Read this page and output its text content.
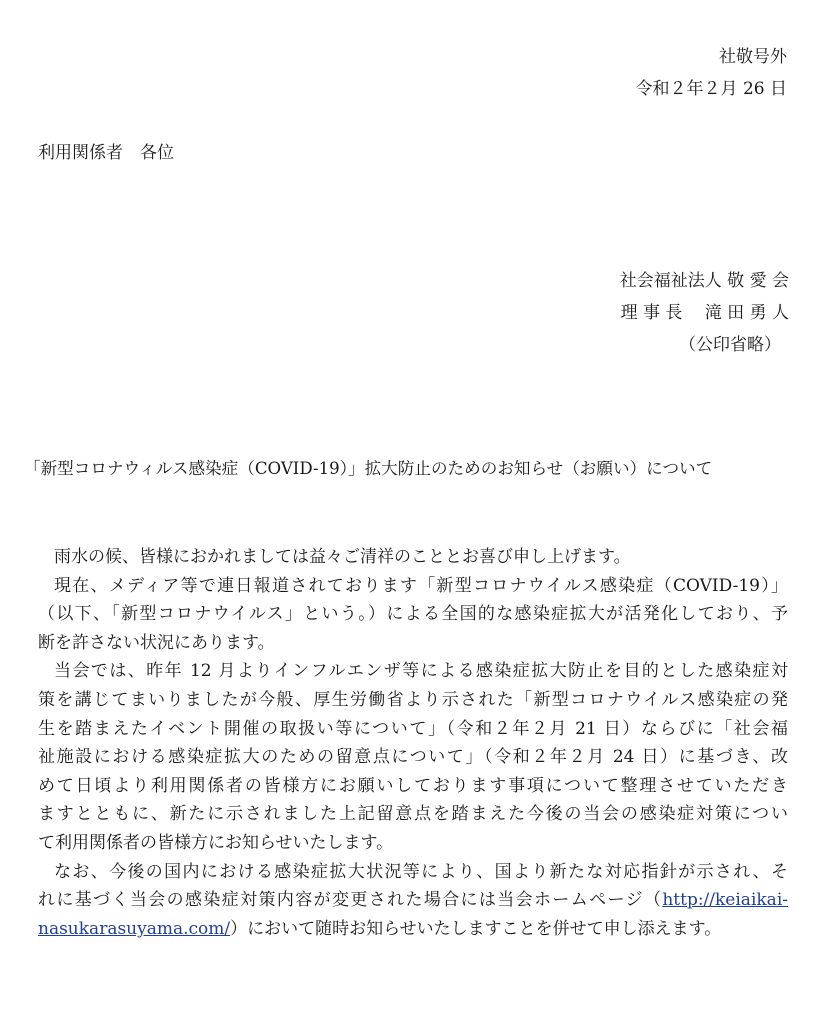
社敬号外
令和２年２月 26 日
利用関係者　各位
社会福祉法人 敬 愛 会
理 事 長　 滝 田 勇 人
（公印省略）
「新型コロナウィルス感染症（COVID-19）」拡大防止のためのお知らせ（お願い）について
雨水の候、皆様におかれましては益々ご清祥のこととお喜び申し上げます。
現在、メディア等で連日報道されております「新型コロナウイルス感染症（COVID-19）」
（以下、「新型コロナウイルス」という。）による全国的な感染症拡大が活発化しており、予
断を許さない状況にあります。
当会では、昨年 12 月よりインフルエンザ等による感染症拡大防止を目的とした感染症対
策を講じてまいりましたが今般、厚生労働省より示された「新型コロナウイルス感染症の発
生を踏まえたイベント開催の取扱い等について」（令和２年２月 21 日）ならびに「社会福
祉施設における感染症拡大のための留意点について」（令和２年２月 24 日）に基づき、改
めて日頃より利用関係者の皆様方にお願いしております事項について整理させていただき
ますとともに、新たに示されました上記留意点を踏まえた今後の当会の感染症対策につい
て利用関係者の皆様方にお知らせいたします。
なお、今後の国内における感染症拡大状況等により、国より新たな対応指針が示され、そ
れに基づく当会の感染症対策内容が変更された場合には当会ホームページ（http://keiaikai-
nasukarasuyama.com/）において随時お知らせいたしますことを併せて申し添えます。
